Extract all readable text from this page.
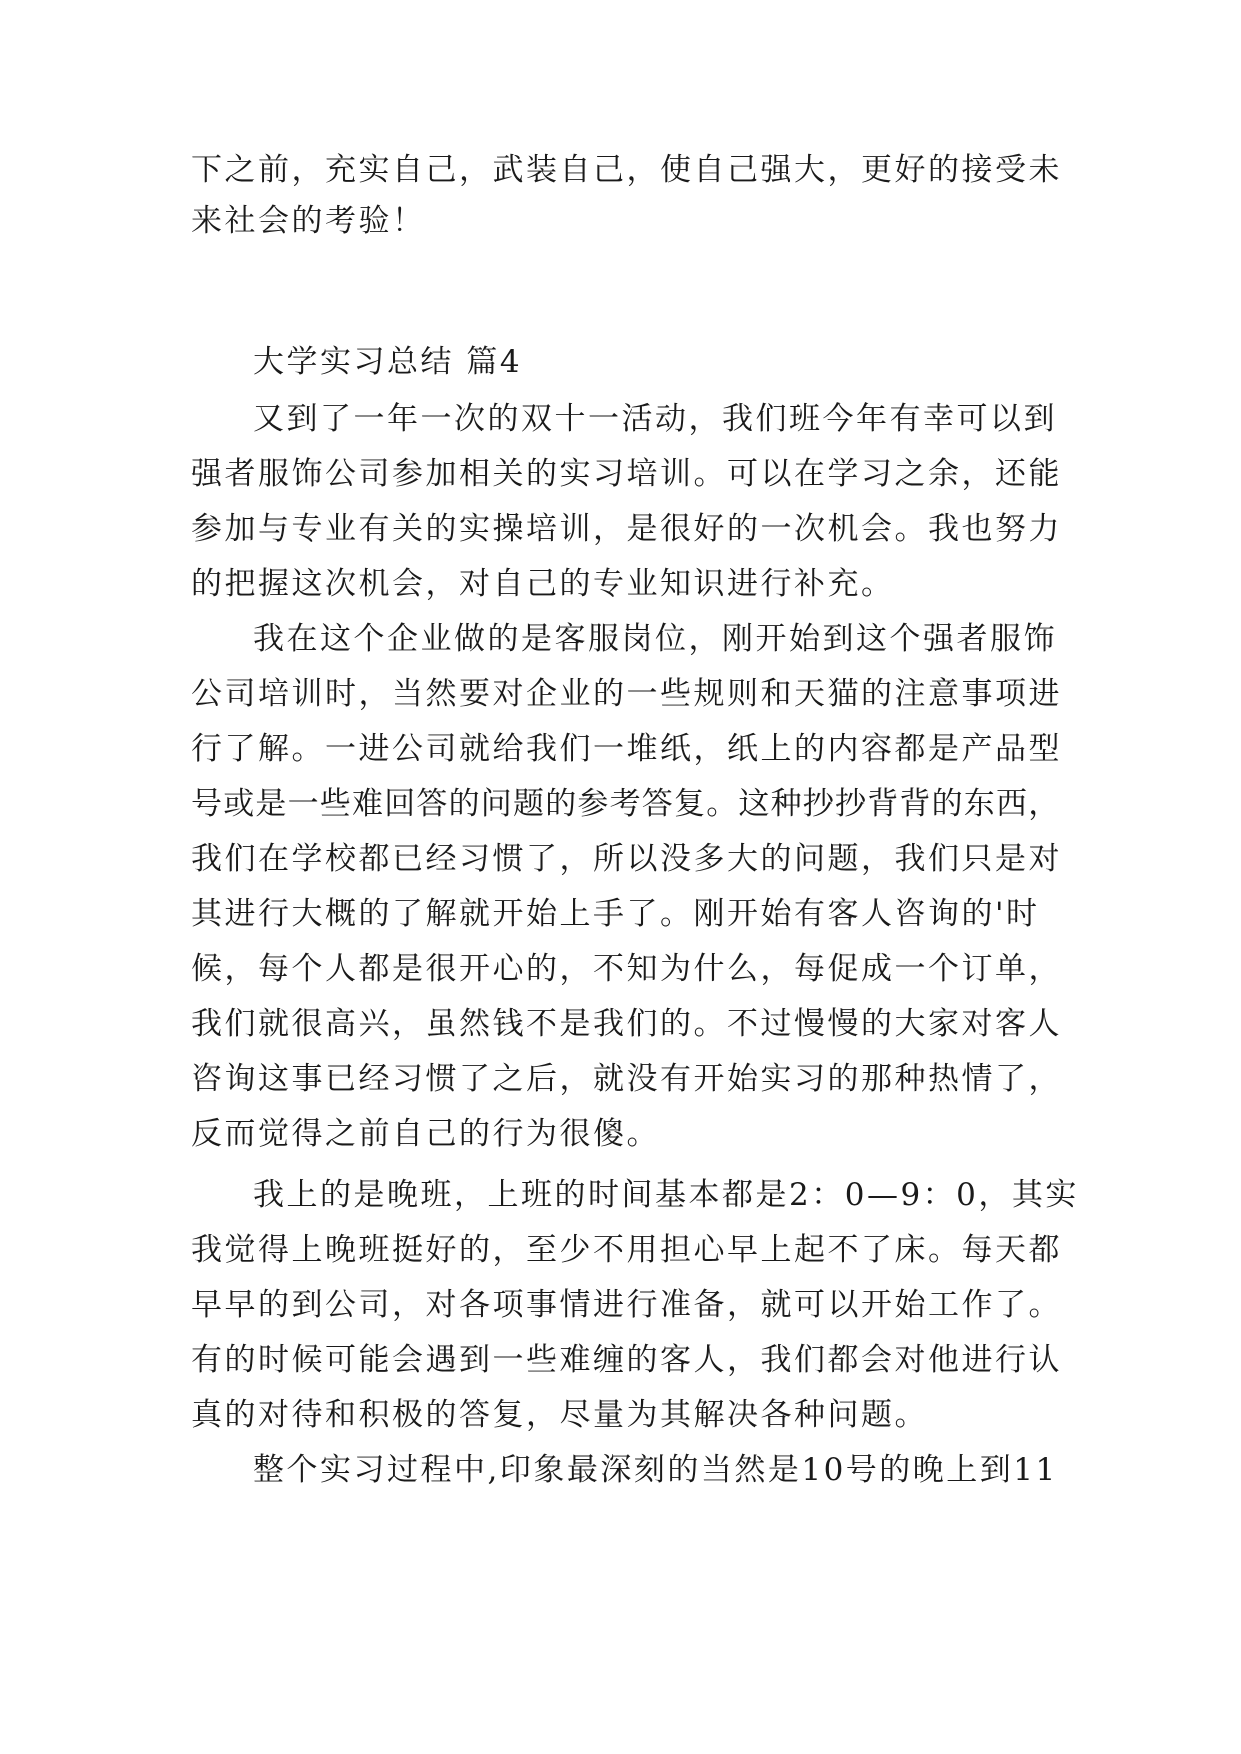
下之前，充实自己，武装自己，使自己强大，更好的接受未
来社会的考验！
大学实习总结 篇4
又到了一年一次的双十一活动，我们班今年有幸可以到
强者服饰公司参加相关的实习培训。可以在学习之余，还能
参加与专业有关的实操培训，是很好的一次机会。我也努力
的把握这次机会，对自己的专业知识进行补充。
我在这个企业做的是客服岗位，刚开始到这个强者服饰
公司培训时，当然要对企业的一些规则和天猫的注意事项进
行了解。一进公司就给我们一堆纸，纸上的内容都是产品型
号或是一些难回答的问题的参考答复。这种抄抄背背的东西，
我们在学校都已经习惯了，所以没多大的问题，我们只是对
其进行大概的了解就开始上手了。刚开始有客人咨询的'时
候，每个人都是很开心的，不知为什么，每促成一个订单，
我们就很高兴，虽然钱不是我们的。不过慢慢的大家对客人
咨询这事已经习惯了之后，就没有开始实习的那种热情了，
反而觉得之前自己的行为很傻。
我上的是晚班，上班的时间基本都是2：0—9：0，其实
我觉得上晚班挺好的，至少不用担心早上起不了床。每天都
早早的到公司，对各项事情进行准备，就可以开始工作了。
有的时候可能会遇到一些难缠的客人，我们都会对他进行认
真的对待和积极的答复，尽量为其解决各种问题。
整个实习过程中,印象最深刻的当然是10号的晚上到11
